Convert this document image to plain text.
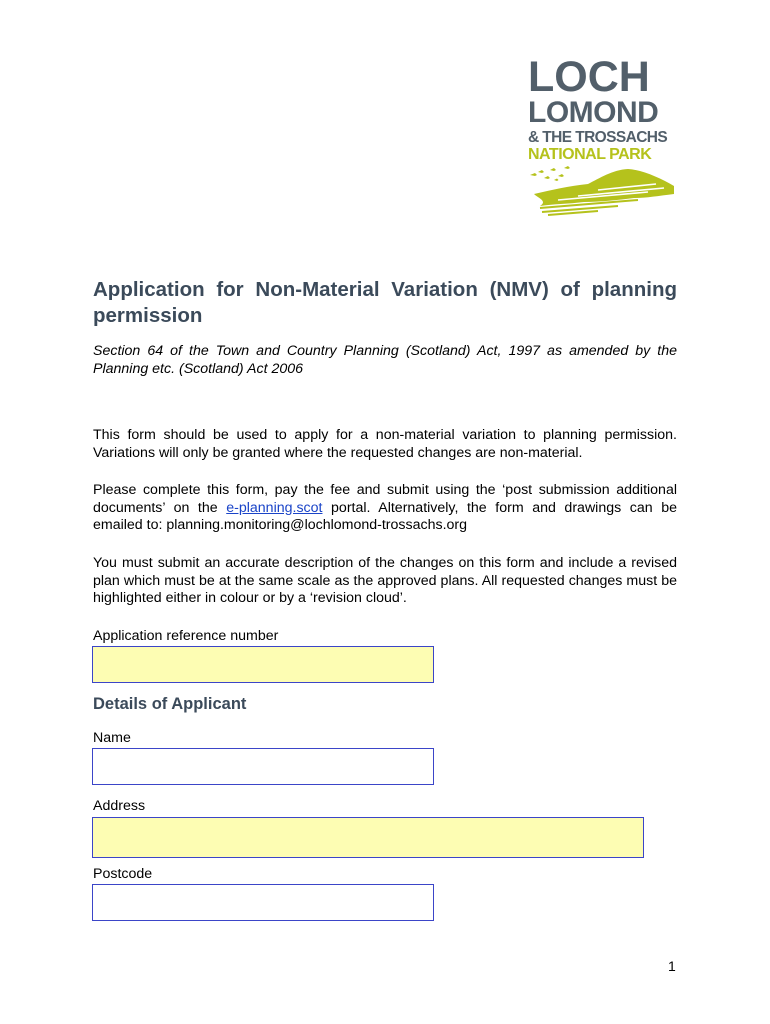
LOCH
LOMOND
& THE TROSSACHS
NATIONAL PARK
Application for Non-Material Variation (NMV) of planning permission
Section 64 of the Town and Country Planning (Scotland) Act, 1997 as amended by the Planning etc. (Scotland) Act 2006
This form should be used to apply for a non-material variation to planning permission. Variations will only be granted where the requested changes are non-material.
Please complete this form, pay the fee and submit using the ‘post submission additional documents’ on the e-planning.scot portal. Alternatively, the form and drawings can be emailed to: planning.monitoring@lochlomond-trossachs.org
You must submit an accurate description of the changes on this form and include a revised plan which must be at the same scale as the approved plans. All requested changes must be highlighted either in colour or by a ‘revision cloud’.
Application reference number
Details of Applicant
Name
Address
Postcode
1
